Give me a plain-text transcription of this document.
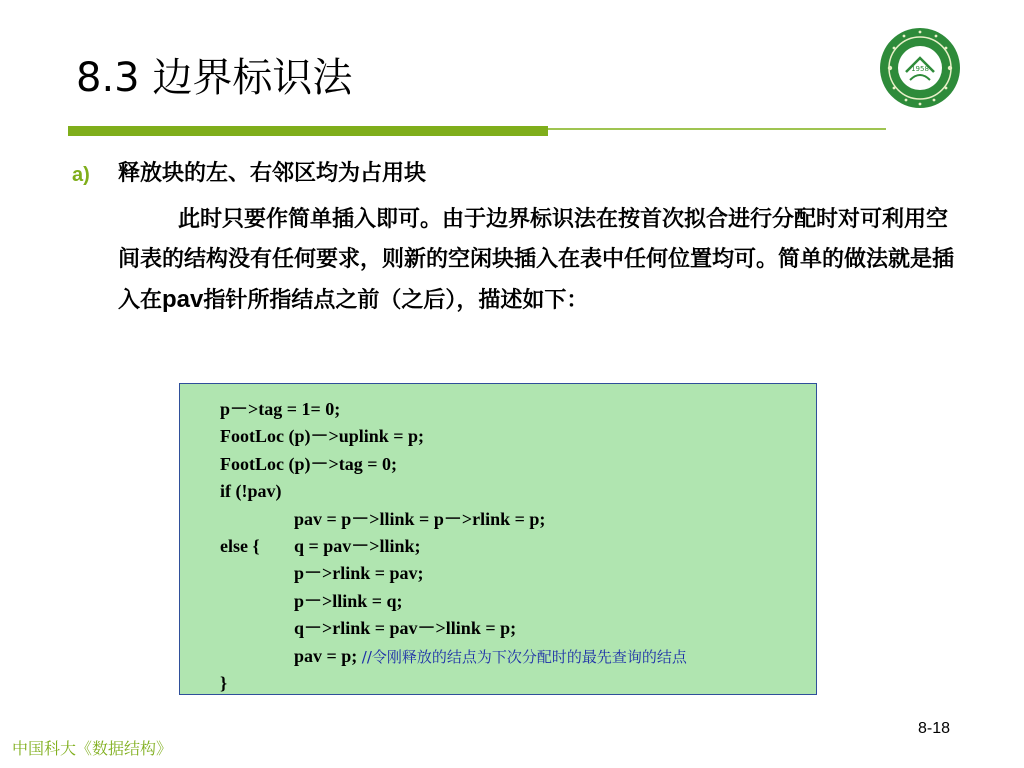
8.3 边界标识法	1958
a) 释放块的左、右邻区均为占用块
此时只要作简单插入即可。由于边界标识法在按首次拟合进行分配时对可利用空间表的结构没有任何要求，则新的空闲块插入在表中任何位置均可。简单的做法就是插入在pav指针所指结点之前（之后），描述如下：
p－>tag = 1= 0;
FootLoc (p)－>uplink = p;
FootLoc (p)－>tag = 0;
if (!pav)
pav = p－>llink = p－>rlink = p;
else { q = pav－>llink;
p－>rlink = pav;
p－>llink = q;
q－>rlink = pav－>llink = p;
pav = p; //令刚释放的结点为下次分配时的最先查询的结点
}
8-18
中国科大《数据结构》
